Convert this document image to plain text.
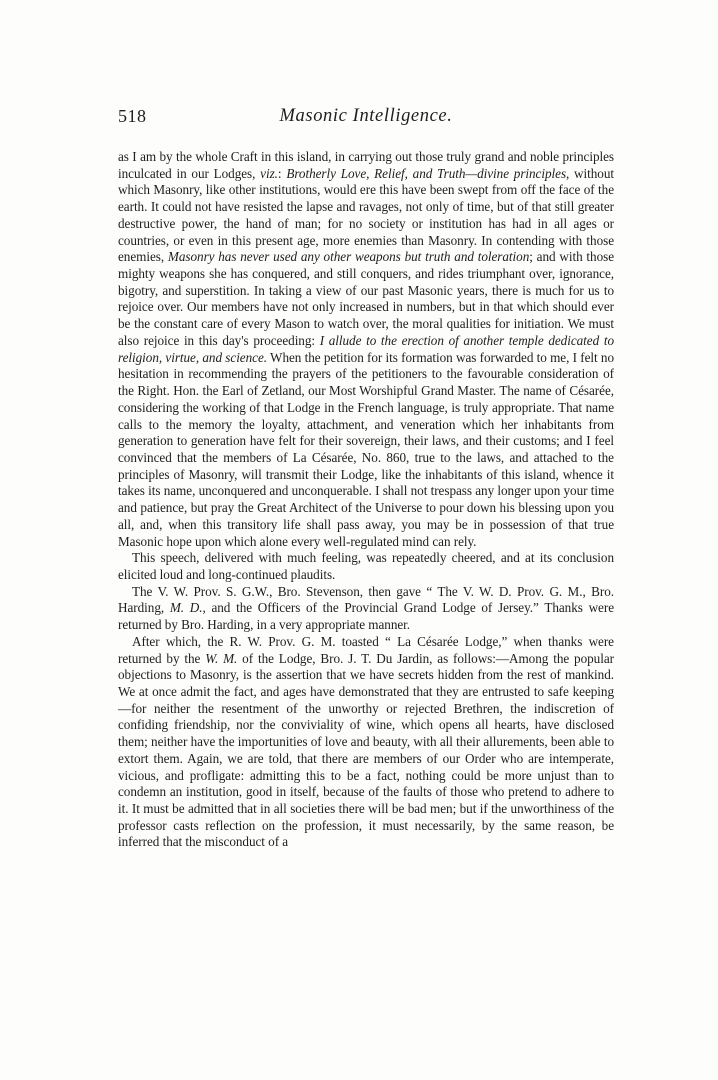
518	Masonic Intelligence.

as I am by the whole Craft in this island, in carrying out those truly grand and noble principles inculcated in our Lodges, viz.: Brotherly Love, Relief, and Truth—divine principles, without which Masonry, like other institutions, would ere this have been swept from off the face of the earth. It could not have resisted the lapse and ravages, not only of time, but of that still greater destructive power, the hand of man; for no society or institution has had in all ages or countries, or even in this present age, more enemies than Masonry. In contending with those enemies, Masonry has never used any other weapons but truth and toleration; and with those mighty weapons she has conquered, and still conquers, and rides triumphant over, ignorance, bigotry, and superstition. In taking a view of our past Masonic years, there is much for us to rejoice over. Our members have not only increased in numbers, but in that which should ever be the constant care of every Mason to watch over, the moral qualities for initiation. We must also rejoice in this day's proceeding: I allude to the erection of another temple dedicated to religion, virtue, and science. When the petition for its formation was forwarded to me, I felt no hesitation in recommending the prayers of the petitioners to the favourable consideration of the Right. Hon. the Earl of Zetland, our Most Worshipful Grand Master. The name of Césarée, considering the working of that Lodge in the French language, is truly appropriate. That name calls to the memory the loyalty, attachment, and veneration which her inhabitants from generation to generation have felt for their sovereign, their laws, and their customs; and I feel convinced that the members of La Césarée, No. 860, true to the laws, and attached to the principles of Masonry, will transmit their Lodge, like the inhabitants of this island, whence it takes its name, unconquered and unconquerable. I shall not trespass any longer upon your time and patience, but pray the Great Architect of the Universe to pour down his blessing upon you all, and, when this transitory life shall pass away, you may be in possession of that true Masonic hope upon which alone every well-regulated mind can rely.

This speech, delivered with much feeling, was repeatedly cheered, and at its conclusion elicited loud and long-continued plaudits.

The V. W. Prov. S. G.W., Bro. Stevenson, then gave “ The V. W. D. Prov. G. M., Bro. Harding, M. D., and the Officers of the Provincial Grand Lodge of Jersey.” Thanks were returned by Bro. Harding, in a very appropriate manner.

After which, the R. W. Prov. G. M. toasted “ La Césarée Lodge,” when thanks were returned by the W. M. of the Lodge, Bro. J. T. Du Jardin, as follows:—Among the popular objections to Masonry, is the assertion that we have secrets hidden from the rest of mankind. We at once admit the fact, and ages have demonstrated that they are entrusted to safe keeping—for neither the resentment of the unworthy or rejected Brethren, the indiscretion of confiding friendship, nor the conviviality of wine, which opens all hearts, have disclosed them; neither have the importunities of love and beauty, with all their allurements, been able to extort them. Again, we are told, that there are members of our Order who are intemperate, vicious, and profligate: admitting this to be a fact, nothing could be more unjust than to condemn an institution, good in itself, because of the faults of those who pretend to adhere to it. It must be admitted that in all societies there will be bad men; but if the unworthiness of the professor casts reflection on the profession, it must necessarily, by the same reason, be inferred that the misconduct of a
